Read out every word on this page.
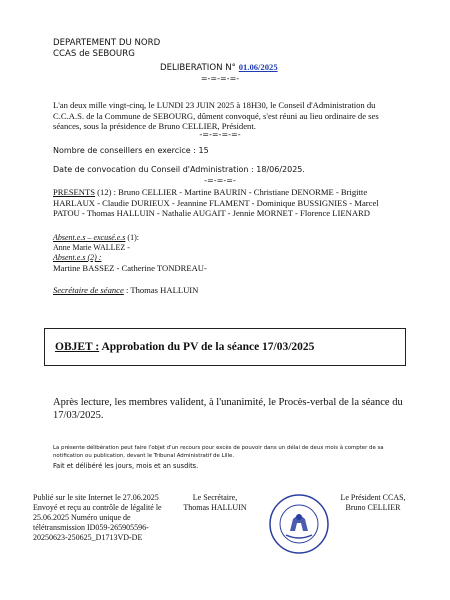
DEPARTEMENT DU NORD
CCAS de SEBOURG
DELIBERATION N° 01.06/2025
=-=-=-=-
L'an deux mille vingt-cinq, le LUNDI 23 JUIN 2025 à 18H30, le Conseil d'Administration du C.C.A.S. de la Commune de SEBOURG, dûment convoqué, s'est réuni au lieu ordinaire de ses séances, sous la présidence de Bruno CELLIER, Président.
-=-=-=-=-
Nombre de conseillers en exercice : 15
Date de convocation du Conseil d'Administration : 18/06/2025.
-=-=-=-
PRESENTS (12) : Bruno CELLIER - Martine BAURIN - Christiane DENORME - Brigitte HARLAUX - Claudie DURIEUX - Jeannine FLAMENT - Dominique BUSSIGNIES - Marcel PATOU - Thomas HALLUIN - Nathalie AUGAIT - Jennie MORNET - Florence LIENARD
Absent.e.s – excusé.e.s (1):
Anne Marie WALLEZ -
Absent.e.s (2) :
Martine BASSEZ - Catherine TONDREAU-
Secrétaire de séance : Thomas HALLUIN
OBJET : Approbation du PV de la séance 17/03/2025
Après lecture, les membres valident, à l'unanimité, le Procès-verbal de la séance du 17/03/2025.
La présente délibération peut faire l'objet d'un recours pour excès de pouvoir dans un délai de deux mois à compter de sa notification ou publication, devant le Tribunal Administratif de Lille.
Fait et délibéré les jours, mois et an susdits.
Publié sur le site Internet le 27.06.2025 Envoyé et reçu au contrôle de légalité le 25.06.2025 Numéro unique de télétransmission ID059-265905596-20250623-250625_D1713VD-DE
Le Secrétaire,
Thomas HALLUIN
Le Président CCAS,
Bruno CELLIER
